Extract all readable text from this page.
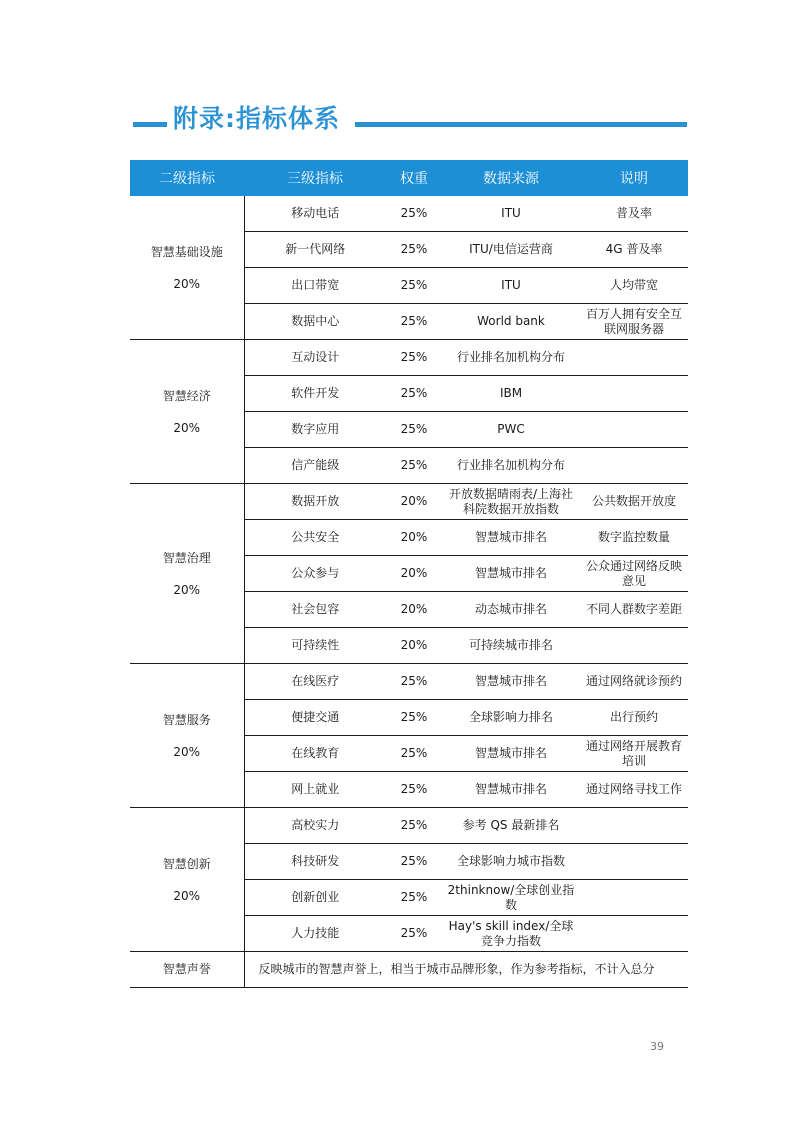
附录:指标体系
二级指标	三级指标	权重	数据来源	说明

智慧基础设施
20%	移动电话	25%	ITU	普及率
	新一代网络	25%	ITU/电信运营商	4G 普及率
	出口带宽	25%	ITU	人均带宽
	数据中心	25%	World bank	百万人拥有安全互联网服务器

智慧经济
20%	互动设计	25%	行业排名加机构分布	
	软件开发	25%	IBM	
	数字应用	25%	PWC	
	信产能级	25%	行业排名加机构分布	

智慧治理
20%	数据开放	20%	开放数据晴雨表/上海社科院数据开放指数	公共数据开放度
	公共安全	20%	智慧城市排名	数字监控数量
	公众参与	20%	智慧城市排名	公众通过网络反映意见
	社会包容	20%	动态城市排名	不同人群数字差距
	可持续性	20%	可持续城市排名	

智慧服务
20%	在线医疗	25%	智慧城市排名	通过网络就诊预约
	便捷交通	25%	全球影响力排名	出行预约
	在线教育	25%	智慧城市排名	通过网络开展教育培训
	网上就业	25%	智慧城市排名	通过网络寻找工作

智慧创新
20%	高校实力	25%	参考 QS 最新排名	
	科技研发	25%	全球影响力城市指数	
	创新创业	25%	2thinknow/全球创业指数	
	人力技能	25%	Hay's skill index/全球竞争力指数	
智慧声誉	反映城市的智慧声誉上，相当于城市品牌形象，作为参考指标，不计入总分			
39
